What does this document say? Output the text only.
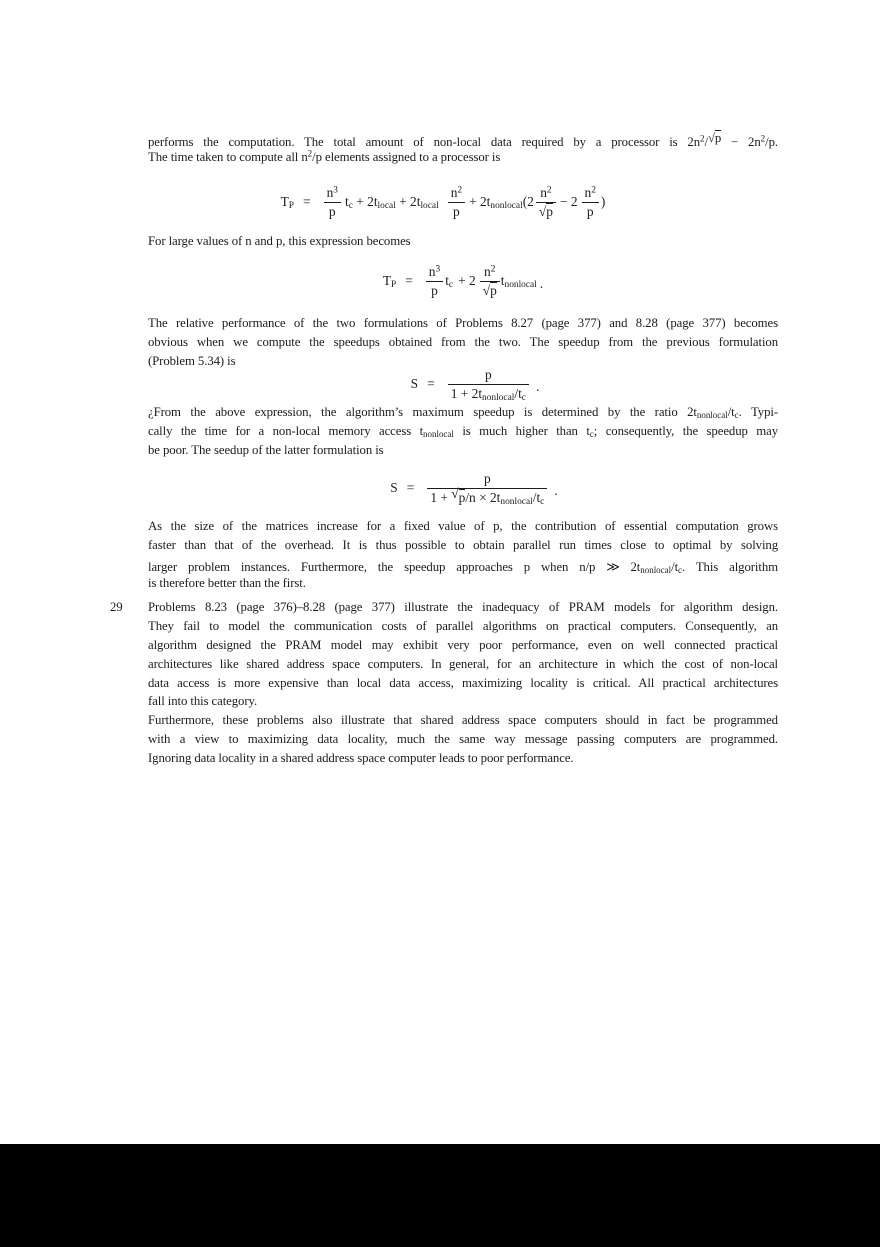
performs the computation. The total amount of non-local data required by a processor is $2n^2/√p - 2n^2/p$.
The time taken to compute all $n^2/p$ elements assigned to a processor is
TP = $\frac{n^3}{p}$ tc + 2tlocal + 2tlocal $\frac{n^2}{p}$ + 2tnonlocal(2 $\frac{n^2}{√p} - 2 \frac{n^2}{p}$ )
For large values of n and p, this expression becomes
TP = $\frac{n^3}{p}$ tc + $2 \frac{n^2}{√p}$ tnonlocal .
The relative performance of the two formulations of Problems 8.27 (page 377) and 8.28 (page 377) becomes
obvious when we compute the speedups obtained from the two. The speedup from the previous formulation
(Problem 5.34) is
$S = \frac{p}{\text{1 + 2tnonlocal/tc}}$ .
¿From the above expression, the algorithm’s maximum speedup is determined by the ratio 2tnonlocal/tc. Typi-
cally the time for a non-local memory access tnonlocal is much higher than tc; consequently, the speedup may
be poor. The seedup of the latter formulation is
$S = \frac{p}{\text{1 + √p/n × 2tnonlocal/tc}}$ .
As the size of the matrices increase for a fixed value of p, the contribution of essential computation grows
faster than that of the overhead. It is thus possible to obtain parallel run times close to optimal by solving
larger problem instances. Furthermore, the speedup approaches p when n/p ≫ 2tnonlocal/tc. This algorithm
is therefore better than the first.
29 Problems 8.23 (page 376)–8.28 (page 377) illustrate the inadequacy of PRAM models for algorithm design.
They fail to model the communication costs of parallel algorithms on practical computers. Consequently, an
algorithm designed the PRAM model may exhibit very poor performance, even on well connected practical
architectures like shared address space computers. In general, for an architecture in which the cost of non-local
data access is more expensive than local data access, maximizing locality is critical. All practical architectures
fall into this category.
Furthermore, these problems also illustrate that shared address space computers should in fact be programmed
with a view to maximizing data locality, much the same way message passing computers are programmed.
Ignoring data locality in a shared address space computer leads to poor performance.
